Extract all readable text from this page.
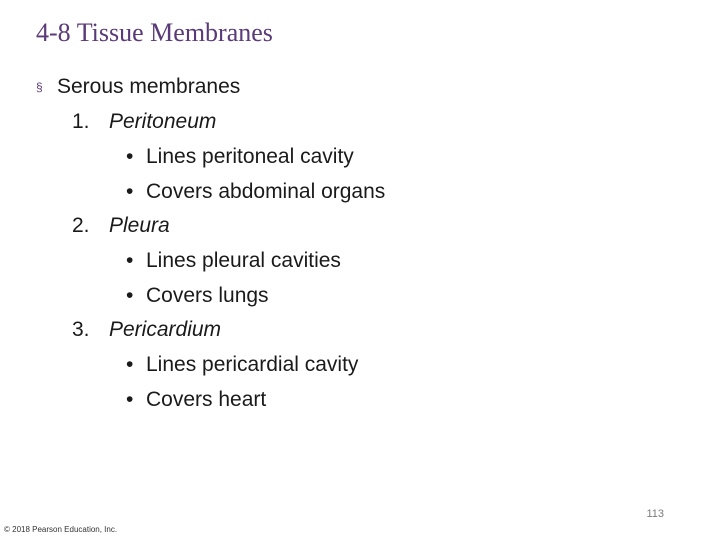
4-8 Tissue Membranes
§ Serous membranes
1. Peritoneum
• Lines peritoneal cavity
• Covers abdominal organs
2. Pleura
• Lines pleural cavities
• Covers lungs
3. Pericardium
• Lines pericardial cavity
• Covers heart
113
© 2018 Pearson Education, Inc.
